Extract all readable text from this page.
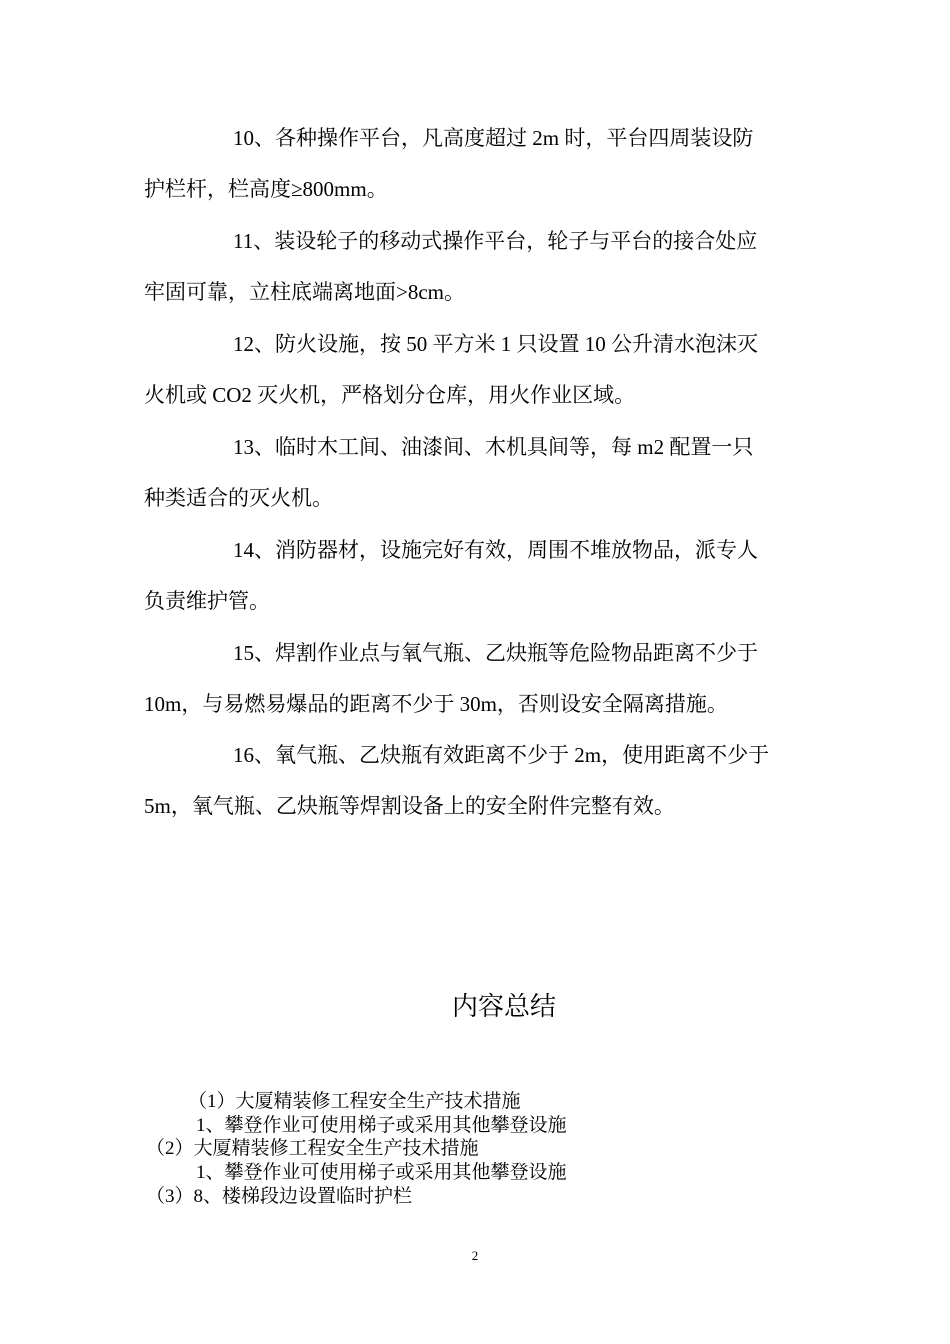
10、各种操作平台，凡高度超过 2m 时，平台四周装设防
护栏杆，栏高度≥800mm。
11、装设轮子的移动式操作平台，轮子与平台的接合处应
牢固可靠，立柱底端离地面>8cm。
12、防火设施，按 50 平方米 1 只设置 10 公升清水泡沫灭
火机或 CO2 灭火机，严格划分仓库，用火作业区域。
13、临时木工间、油漆间、木机具间等，每 m2 配置一只
种类适合的灭火机。
14、消防器材，设施完好有效，周围不堆放物品，派专人
负责维护管。
15、焊割作业点与氧气瓶、乙炔瓶等危险物品距离不少于
10m，与易燃易爆品的距离不少于 30m，否则设安全隔离措施。
16、氧气瓶、乙炔瓶有效距离不少于 2m，使用距离不少于
5m，氧气瓶、乙炔瓶等焊割设备上的安全附件完整有效。
内容总结
（1）大厦精装修工程安全生产技术措施
1、攀登作业可使用梯子或采用其他攀登设施
（2）大厦精装修工程安全生产技术措施
1、攀登作业可使用梯子或采用其他攀登设施
（3）8、楼梯段边设置临时护栏
2
